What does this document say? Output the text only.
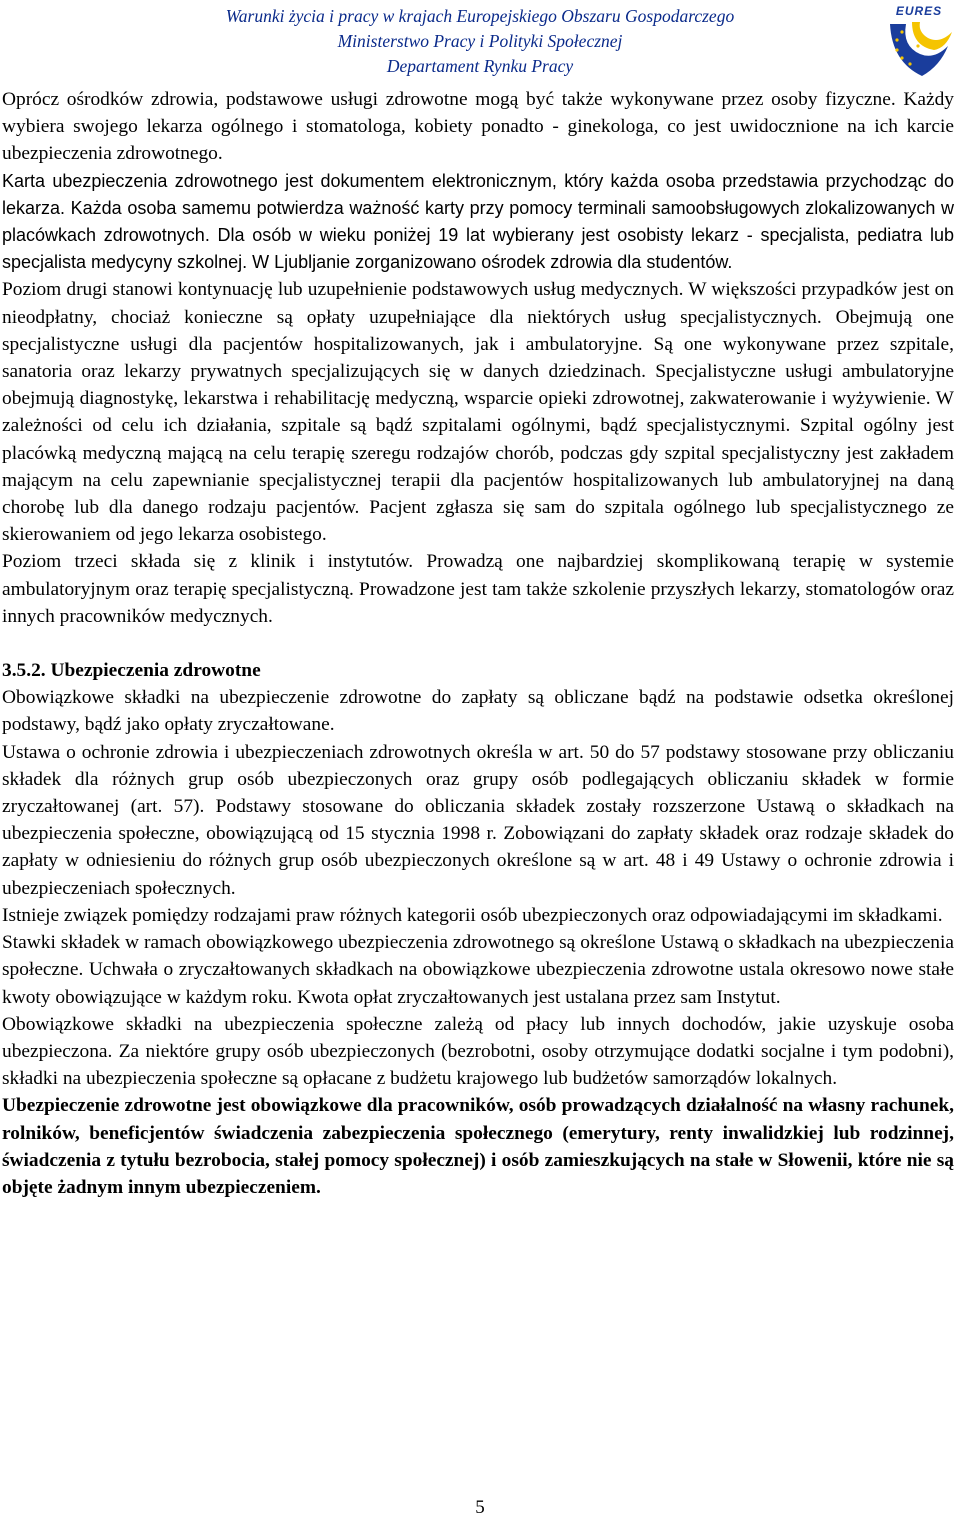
Warunki życia i pracy w krajach Europejskiego Obszaru Gospodarczego
Ministerstwo Pracy i Polityki Społecznej
Departament Rynku Pracy
EURES

Oprócz ośrodków zdrowia, podstawowe usługi zdrowotne mogą być także wykonywane przez osoby fizyczne. Każdy wybiera swojego lekarza ogólnego i stomatologa, kobiety ponadto - ginekologa, co jest uwidocznione na ich karcie ubezpieczenia zdrowotnego.

Karta ubezpieczenia zdrowotnego jest dokumentem elektronicznym, który każda osoba przedstawia przychodząc do lekarza. Każda osoba samemu potwierdza ważność karty przy pomocy terminali samoobsługowych zlokalizowanych w placówkach zdrowotnych. Dla osób w wieku poniżej 19 lat wybierany jest osobisty lekarz - specjalista, pediatra lub specjalista medycyny szkolnej. W Ljubljanie zorganizowano ośrodek zdrowia dla studentów.

Poziom drugi stanowi kontynuację lub uzupełnienie podstawowych usług medycznych. W większości przypadków jest on nieodpłatny, chociaż konieczne są opłaty uzupełniające dla niektórych usług specjalistycznych. Obejmują one specjalistyczne usługi dla pacjentów hospitalizowanych, jak i ambulatoryjne. Są one wykonywane przez szpitale, sanatoria oraz lekarzy prywatnych specjalizujących się w danych dziedzinach. Specjalistyczne usługi ambulatoryjne obejmują diagnostykę, lekarstwa i rehabilitację medyczną, wsparcie opieki zdrowotnej, zakwaterowanie i wyżywienie. W zależności od celu ich działania, szpitale są bądź szpitalami ogólnymi, bądź specjalistycznymi. Szpital ogólny jest placówką medyczną mającą na celu terapię szeregu rodzajów chorób, podczas gdy szpital specjalistyczny jest zakładem mającym na celu zapewnianie specjalistycznej terapii dla pacjentów hospitalizowanych lub ambulatoryjnej na daną chorobę lub dla danego rodzaju pacjentów. Pacjent zgłasza się sam do szpitala ogólnego lub specjalistycznego ze skierowaniem od jego lekarza osobistego.

Poziom trzeci składa się z klinik i instytutów. Prowadzą one najbardziej skomplikowaną terapię w systemie ambulatoryjnym oraz terapię specjalistyczną. Prowadzone jest tam także szkolenie przyszłych lekarzy, stomatologów oraz innych pracowników medycznych.

3.5.2. Ubezpieczenia zdrowotne

Obowiązkowe składki na ubezpieczenie zdrowotne do zapłaty są obliczane bądź na podstawie odsetka określonej podstawy, bądź jako opłaty zryczałtowane.

Ustawa o ochronie zdrowia i ubezpieczeniach zdrowotnych określa w art. 50 do 57 podstawy stosowane przy obliczaniu składek dla różnych grup osób ubezpieczonych oraz grupy osób podlegających obliczaniu składek w formie zryczałtowanej (art. 57). Podstawy stosowane do obliczania składek zostały rozszerzone Ustawą o składkach na ubezpieczenia społeczne, obowiązującą od 15 stycznia 1998 r. Zobowiązani do zapłaty składek oraz rodzaje składek do zapłaty w odniesieniu do różnych grup osób ubezpieczonych określone są w art. 48 i 49 Ustawy o ochronie zdrowia i ubezpieczeniach społecznych.

Istnieje związek pomiędzy rodzajami praw różnych kategorii osób ubezpieczonych oraz odpowiadającymi im składkami.

Stawki składek w ramach obowiązkowego ubezpieczenia zdrowotnego są określone Ustawą o składkach na ubezpieczenia społeczne. Uchwała o zryczałtowanych składkach na obowiązkowe ubezpieczenia zdrowotne ustala okresowo nowe stałe kwoty obowiązujące w każdym roku. Kwota opłat zryczałtowanych jest ustalana przez sam Instytut.

Obowiązkowe składki na ubezpieczenia społeczne zależą od płacy lub innych dochodów, jakie uzyskuje osoba ubezpieczona. Za niektóre grupy osób ubezpieczonych (bezrobotni, osoby otrzymujące dodatki socjalne i tym podobni), składki na ubezpieczenia społeczne są opłacane z budżetu krajowego lub budżetów samorządów lokalnych.

Ubezpieczenie zdrowotne jest obowiązkowe dla pracowników, osób prowadzących działalność na własny rachunek, rolników, beneficjentów świadczenia zabezpieczenia społecznego (emerytury, renty inwalidzkiej lub rodzinnej, świadczenia z tytułu bezrobocia, stałej pomocy społecznej) i osób zamieszkujących na stałe w Słowenii, które nie są objęte żadnym innym ubezpieczeniem.

5
